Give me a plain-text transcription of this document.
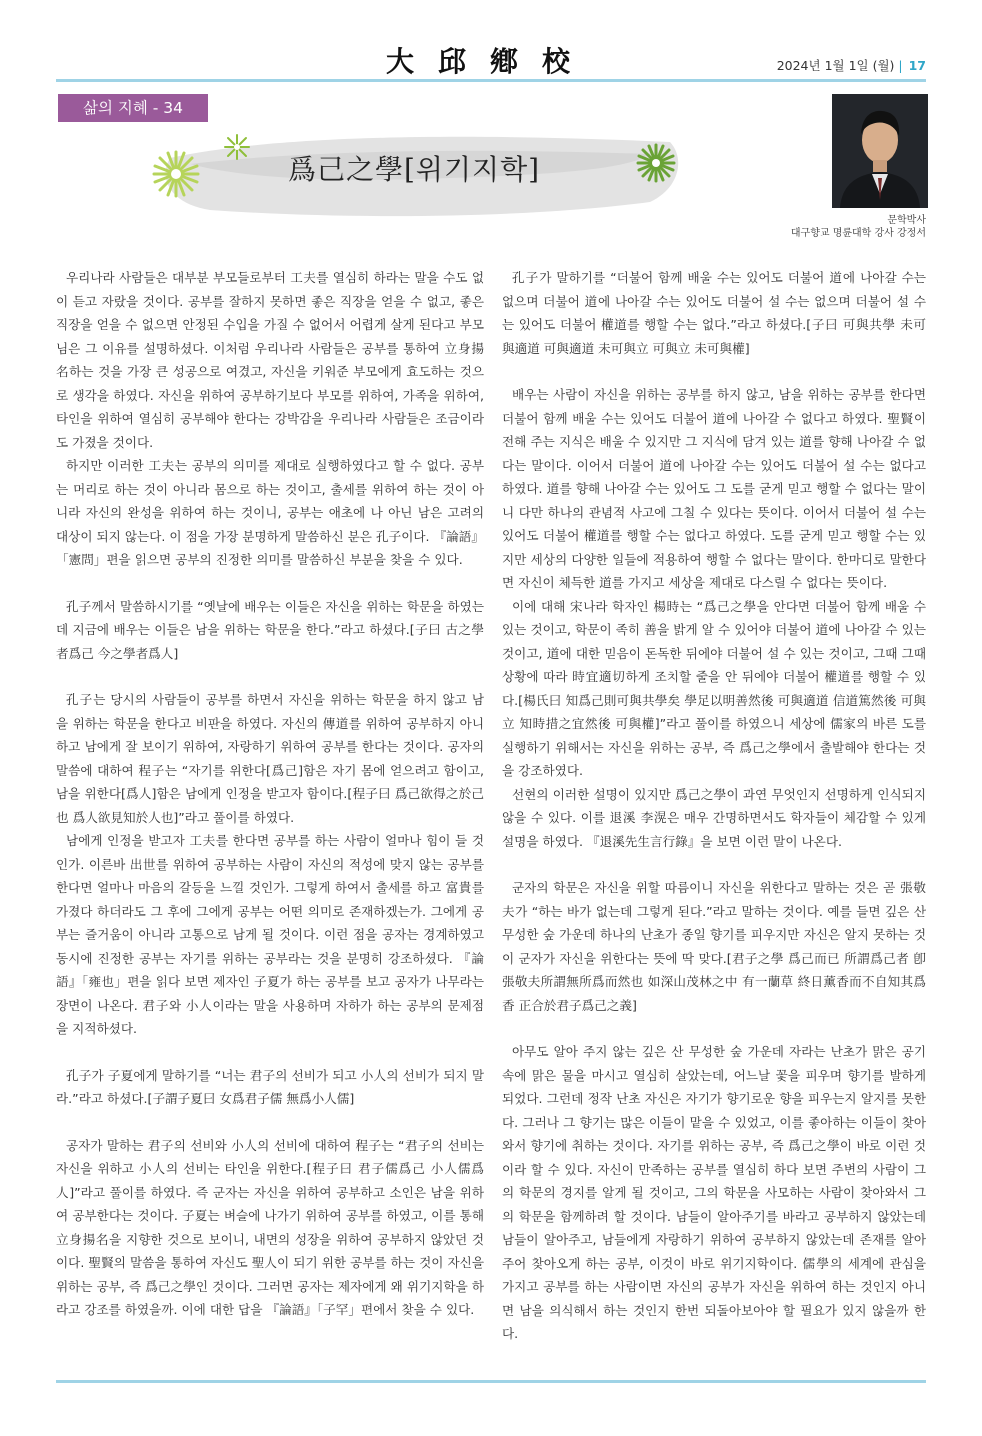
大邱鄕校	2024년 1월 1일 (월) | 17
삶의 지혜 - 34
爲己之學[위기지학]
문학박사
대구향교 명륜대학 강사 강정서

우리나라 사람들은 대부분 부모들로부터 工夫를 열심히 하라는 말을 수도 없이 듣고 자랐을 것이다. 공부를 잘하지 못하면 좋은 직장을 얻을 수 없고, 좋은 직장을 얻을 수 없으면 안정된 수입을 가질 수 없어서 어렵게 살게 된다고 부모님은 그 이유를 설명하셨다. 이처럼 우리나라 사람들은 공부를 통하여 立身揚名하는 것을 가장 큰 성공으로 여겼고, 자신을 키워준 부모에게 효도하는 것으로 생각을 하였다. 자신을 위하여 공부하기보다 부모를 위하여, 가족을 위하여, 타인을 위하여 열심히 공부해야 한다는 강박감을 우리나라 사람들은 조금이라도 가졌을 것이다.

하지만 이러한 工夫는 공부의 의미를 제대로 실행하였다고 할 수 없다. 공부는 머리로 하는 것이 아니라 몸으로 하는 것이고, 출세를 위하여 하는 것이 아니라 자신의 완성을 위하여 하는 것이니, 공부는 애초에 나 아닌 남은 고려의 대상이 되지 않는다. 이 점을 가장 분명하게 말씀하신 분은 孔子이다. 『論語』「憲問」편을 읽으면 공부의 진정한 의미를 말씀하신 부분을 찾을 수 있다.

孔子께서 말씀하시기를 “옛날에 배우는 이들은 자신을 위하는 학문을 하였는데 지금에 배우는 이들은 남을 위하는 학문을 한다.”라고 하셨다.[子曰 古之學者爲己 今之學者爲人]

孔子는 당시의 사람들이 공부를 하면서 자신을 위하는 학문을 하지 않고 남을 위하는 학문을 한다고 비판을 하였다. 자신의 傳道를 위하여 공부하지 아니하고 남에게 잘 보이기 위하여, 자랑하기 위하여 공부를 한다는 것이다. 공자의 말씀에 대하여 程子는 “자기를 위한다[爲己]함은 자기 몸에 얻으려고 함이고, 남을 위한다[爲人]함은 남에게 인정을 받고자 함이다.[程子曰 爲己欲得之於己也 爲人欲見知於人也]”라고 풀이를 하였다.

남에게 인정을 받고자 工夫를 한다면 공부를 하는 사람이 얼마나 힘이 들 것인가. 이른바 出世를 위하여 공부하는 사람이 자신의 적성에 맞지 않는 공부를 한다면 얼마나 마음의 갈등을 느낄 것인가. 그렇게 하여서 출세를 하고 富貴를 가졌다 하더라도 그 후에 그에게 공부는 어떤 의미로 존재하겠는가. 그에게 공부는 즐거움이 아니라 고통으로 남게 될 것이다. 이런 점을 공자는 경계하였고 동시에 진정한 공부는 자기를 위하는 공부라는 것을 분명히 강조하셨다. 『論語』「雍也」편을 읽다 보면 제자인 子夏가 하는 공부를 보고 공자가 나무라는 장면이 나온다. 君子와 小人이라는 말을 사용하며 자하가 하는 공부의 문제점을 지적하셨다.

孔子가 子夏에게 말하기를 “너는 君子의 선비가 되고 小人의 선비가 되지 말라.”라고 하셨다.[子謂子夏曰 女爲君子儒 無爲小人儒]

공자가 말하는 君子의 선비와 小人의 선비에 대하여 程子는 “君子의 선비는 자신을 위하고 小人의 선비는 타인을 위한다.[程子曰 君子儒爲己 小人儒爲人]”라고 풀이를 하였다. 즉 군자는 자신을 위하여 공부하고 소인은 남을 위하여 공부한다는 것이다. 子夏는 벼슬에 나가기 위하여 공부를 하였고, 이를 통해 立身揚名을 지향한 것으로 보이니, 내면의 성장을 위하여 공부하지 않았던 것이다. 聖賢의 말씀을 통하여 자신도 聖人이 되기 위한 공부를 하는 것이 자신을 위하는 공부, 즉 爲己之學인 것이다. 그러면 공자는 제자에게 왜 위기지학을 하라고 강조를 하였을까. 이에 대한 답을 『論語』「子罕」편에서 찾을 수 있다.

孔子가 말하기를 “더불어 함께 배울 수는 있어도 더불어 道에 나아갈 수는 없으며 더불어 道에 나아갈 수는 있어도 더불어 설 수는 없으며 더불어 설 수는 있어도 더불어 權道를 행할 수는 없다.”라고 하셨다.[子曰 可與共學 未可與適道 可與適道 未可與立 可與立 未可與權]

배우는 사람이 자신을 위하는 공부를 하지 않고, 남을 위하는 공부를 한다면 더불어 함께 배울 수는 있어도 더불어 道에 나아갈 수 없다고 하였다. 聖賢이 전해 주는 지식은 배울 수 있지만 그 지식에 담겨 있는 道를 향해 나아갈 수 없다는 말이다. 이어서 더불어 道에 나아갈 수는 있어도 더불어 설 수는 없다고 하였다. 道를 향해 나아갈 수는 있어도 그 도를 굳게 믿고 행할 수 없다는 말이니 다만 하나의 관념적 사고에 그칠 수 있다는 뜻이다. 이어서 더불어 설 수는 있어도 더불어 權道를 행할 수는 없다고 하였다. 도를 굳게 믿고 행할 수는 있지만 세상의 다양한 일들에 적용하여 행할 수 없다는 말이다. 한마디로 말한다면 자신이 체득한 道를 가지고 세상을 제대로 다스릴 수 없다는 뜻이다.

이에 대해 宋나라 학자인 楊時는 “爲己之學을 안다면 더불어 함께 배울 수 있는 것이고, 학문이 족히 善을 밝게 알 수 있어야 더불어 道에 나아갈 수 있는 것이고, 道에 대한 믿음이 돈독한 뒤에야 더불어 설 수 있는 것이고, 그때 그때 상황에 따라 時宜適切하게 조치할 줄을 안 뒤에야 더불어 權道를 행할 수 있다.[楊氏曰 知爲己則可與共學矣 學足以明善然後 可與適道 信道篤然後 可與立 知時措之宜然後 可與權]”라고 풀이를 하였으니 세상에 儒家의 바른 도를 실행하기 위해서는 자신을 위하는 공부, 즉 爲己之學에서 출발해야 한다는 것을 강조하였다.

선현의 이러한 설명이 있지만 爲己之學이 과연 무엇인지 선명하게 인식되지 않을 수 있다. 이를 退溪 李滉은 매우 간명하면서도 학자들이 체감할 수 있게 설명을 하였다. 『退溪先生言行錄』을 보면 이런 말이 나온다.

군자의 학문은 자신을 위할 따름이니 자신을 위한다고 말하는 것은 곧 張敬夫가 “하는 바가 없는데 그렇게 된다.”라고 말하는 것이다. 예를 들면 깊은 산 무성한 숲 가운데 하나의 난초가 종일 향기를 피우지만 자신은 알지 못하는 것이 군자가 자신을 위한다는 뜻에 딱 맞다.[君子之學 爲己而已 所謂爲己者 卽張敬夫所謂無所爲而然也 如深山茂林之中 有一蘭草 終日薰香而不自知其爲香 正合於君子爲己之義]

아무도 알아 주지 않는 깊은 산 무성한 숲 가운데 자라는 난초가 맑은 공기 속에 맑은 물을 마시고 열심히 살았는데, 어느날 꽃을 피우며 향기를 발하게 되었다. 그런데 정작 난초 자신은 자기가 향기로운 향을 피우는지 알지를 못한다. 그러나 그 향기는 많은 이들이 맡을 수 있었고, 이를 좋아하는 이들이 찾아와서 향기에 취하는 것이다. 자기를 위하는 공부, 즉 爲己之學이 바로 이런 것이라 할 수 있다. 자신이 만족하는 공부를 열심히 하다 보면 주변의 사람이 그의 학문의 경지를 알게 될 것이고, 그의 학문을 사모하는 사람이 찾아와서 그의 학문을 함께하려 할 것이다. 남들이 알아주기를 바라고 공부하지 않았는데 남들이 알아주고, 남들에게 자랑하기 위하여 공부하지 않았는데 존재를 알아주어 찾아오게 하는 공부, 이것이 바로 위기지학이다. 儒學의 세계에 관심을 가지고 공부를 하는 사람이면 자신의 공부가 자신을 위하여 하는 것인지 아니면 남을 의식해서 하는 것인지 한번 되돌아보아야 할 필요가 있지 않을까 한다.
